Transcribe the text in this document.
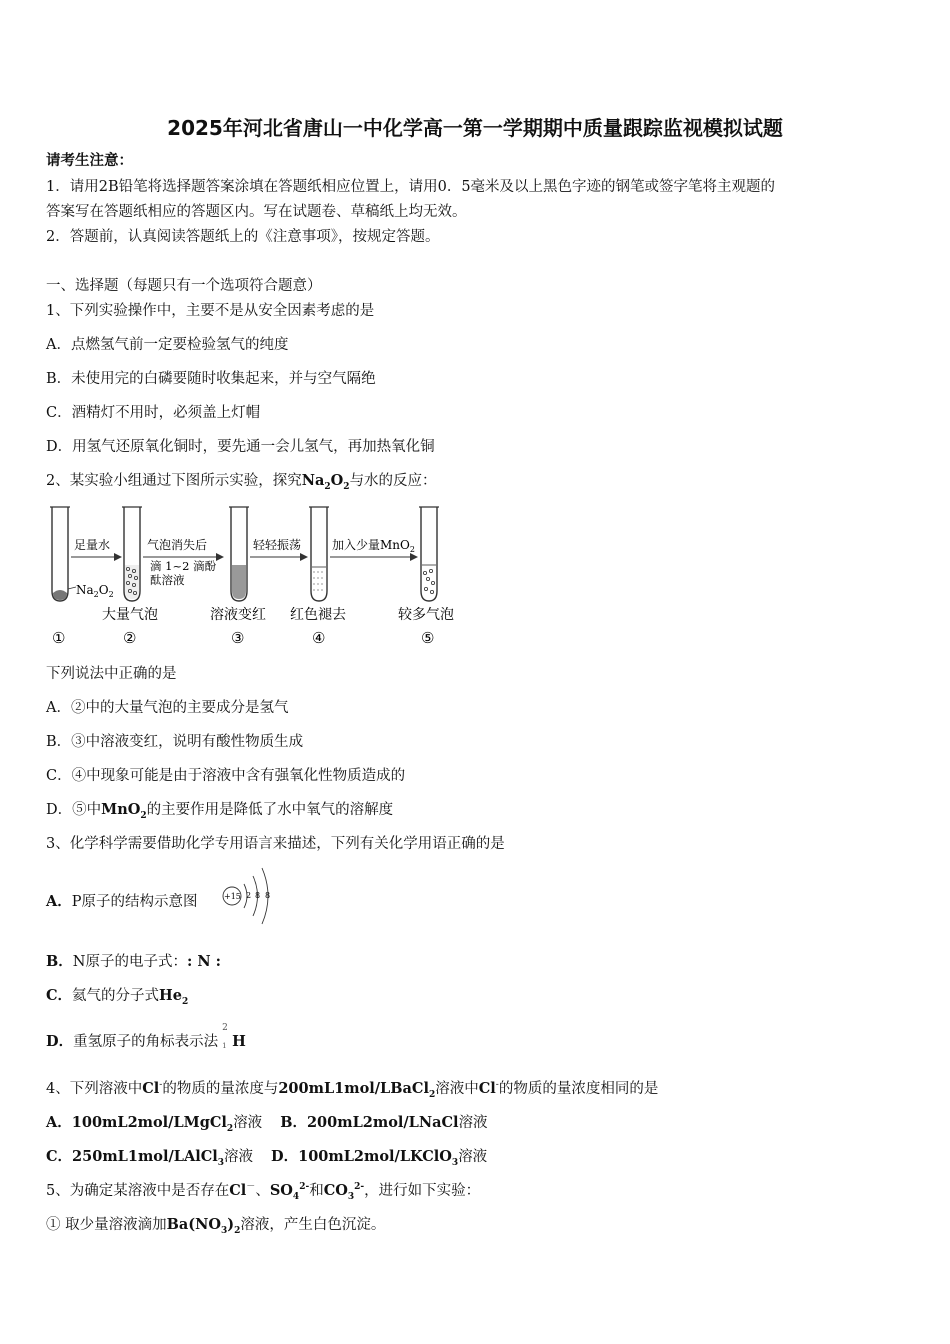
2025年河北省唐山一中化学高一第一学期期中质量跟踪监视模拟试题
请考生注意：
1．请用2B铅笔将选择题答案涂填在答题纸相应位置上，请用0．5毫米及以上黑色字迹的钢笔或签字笔将主观题的
答案写在答题纸相应的答题区内。写在试题卷、草稿纸上均无效。
2．答题前，认真阅读答题纸上的《注意事项》，按规定答题。
一、选择题（每题只有一个选项符合题意）
1、下列实验操作中，主要不是从安全因素考虑的是
A．点燃氢气前一定要检验氢气的纯度
B．未使用完的白磷要随时收集起来，并与空气隔绝
C．酒精灯不用时，必须盖上灯帽
D．用氢气还原氧化铜时，要先通一会儿氢气，再加热氧化铜
2、某实验小组通过下图所示实验，探究$Na_2O_2$与水的反应：
$Na_2O_2$
足量水	气泡消失后
滴 1~2 滴酚
酞溶液
轻轻振荡	加入少量MnO$_2$
大量气泡	溶液变红 红色褪去	较多气泡
①	②	③	④	⑤
下列说法中正确的是
A．②中的大量气泡的主要成分是氢气
B．③中溶液变红，说明有酸性物质生成
C．④中现象可能是由于溶液中含有强氧化性物质造成的
D．⑤中MnO$_2$的主要作用是降低了水中氧气的溶解度
3、化学科学需要借助化学专用语言来描述，下列有关化学用语正确的是
A．P原子的结构示意图	+15 2 8 8
B．N原子的电子式：: N :
C．氦气的分子式$He_2$
D．重氢原子的角标表示法
2
1 H
4、下列溶液中Cl-的物质的量浓度与200mL1mol/LBaCl$_2$溶液中Cl-的物质的量浓度相同的是
A．100mL2mol/LMgCl$_2$溶液 B．200mL2mol/LNaCl溶液
C．250mL1mol/LAlCl$_3$溶液 D．100mL2mol/LKClO$_3$溶液
5、为确定某溶液中是否存在Cl－、$SO_4^{2-}$和$CO_3^{2-}$，进行如下实验：
① 取少量溶液滴加$Ba(NO_3)_2$溶液，产生白色沉淀。
